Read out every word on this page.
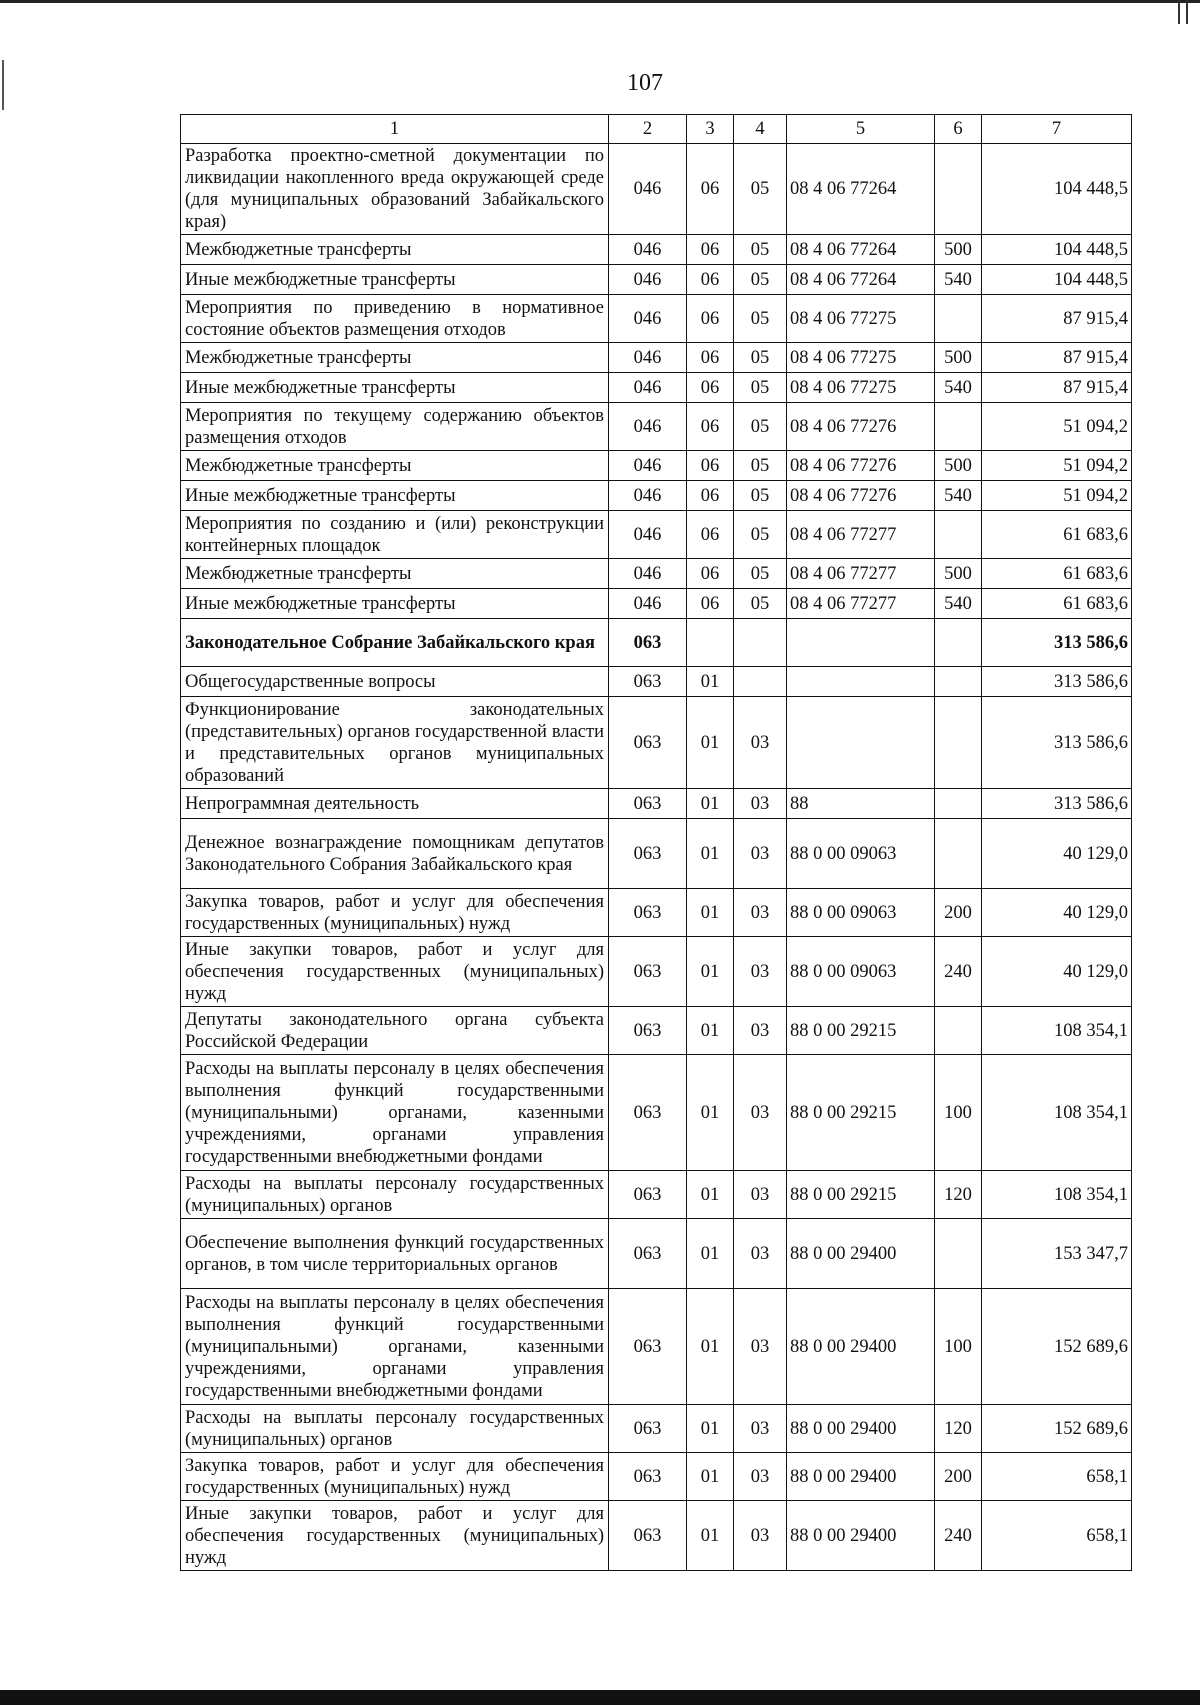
107
1	2	3	4	5	6	7
Разработка проектно-сметной документации по ликвидации накопленного вреда окружающей среде (для муниципальных образований Забайкальского края)	046	06	05	08 4 06 77264		104 448,5
Межбюджетные трансферты	046	06	05	08 4 06 77264	500	104 448,5
Иные межбюджетные трансферты	046	06	05	08 4 06 77264	540	104 448,5
Мероприятия по приведению в нормативное состояние объектов размещения отходов	046	06	05	08 4 06 77275		87 915,4
Межбюджетные трансферты	046	06	05	08 4 06 77275	500	87 915,4
Иные межбюджетные трансферты	046	06	05	08 4 06 77275	540	87 915,4
Мероприятия по текущему содержанию объектов размещения отходов	046	06	05	08 4 06 77276		51 094,2
Межбюджетные трансферты	046	06	05	08 4 06 77276	500	51 094,2
Иные межбюджетные трансферты	046	06	05	08 4 06 77276	540	51 094,2
Мероприятия по созданию и (или) реконструкции контейнерных площадок	046	06	05	08 4 06 77277		61 683,6
Межбюджетные трансферты	046	06	05	08 4 06 77277	500	61 683,6
Иные межбюджетные трансферты	046	06	05	08 4 06 77277	540	61 683,6
Законодательное Собрание Забайкальского края	063					313 586,6
Общегосударственные вопросы	063	01				313 586,6
Функционирование законодательных (представительных) органов государственной власти и представительных органов муниципальных образований	063	01	03			313 586,6
Непрограммная деятельность	063	01	03	88		313 586,6
Денежное вознаграждение помощникам депутатов Законодательного Собрания Забайкальского края	063	01	03	88 0 00 09063		40 129,0
Закупка товаров, работ и услуг для обеспечения государственных (муниципальных) нужд	063	01	03	88 0 00 09063	200	40 129,0
Иные закупки товаров, работ и услуг для обеспечения государственных (муниципальных) нужд	063	01	03	88 0 00 09063	240	40 129,0
Депутаты законодательного органа субъекта Российской Федерации	063	01	03	88 0 00 29215		108 354,1
Расходы на выплаты персоналу в целях обеспечения выполнения функций государственными (муниципальными) органами, казенными учреждениями, органами управления государственными внебюджетными фондами	063	01	03	88 0 00 29215	100	108 354,1
Расходы на выплаты персоналу государственных (муниципальных) органов	063	01	03	88 0 00 29215	120	108 354,1
Обеспечение выполнения функций государственных органов, в том числе территориальных органов	063	01	03	88 0 00 29400		153 347,7
Расходы на выплаты персоналу в целях обеспечения выполнения функций государственными (муниципальными) органами, казенными учреждениями, органами управления государственными внебюджетными фондами	063	01	03	88 0 00 29400	100	152 689,6
Расходы на выплаты персоналу государственных (муниципальных) органов	063	01	03	88 0 00 29400	120	152 689,6
Закупка товаров, работ и услуг для обеспечения государственных (муниципальных) нужд	063	01	03	88 0 00 29400	200	658,1
Иные закупки товаров, работ и услуг для обеспечения государственных (муниципальных) нужд	063	01	03	88 0 00 29400	240	658,1
